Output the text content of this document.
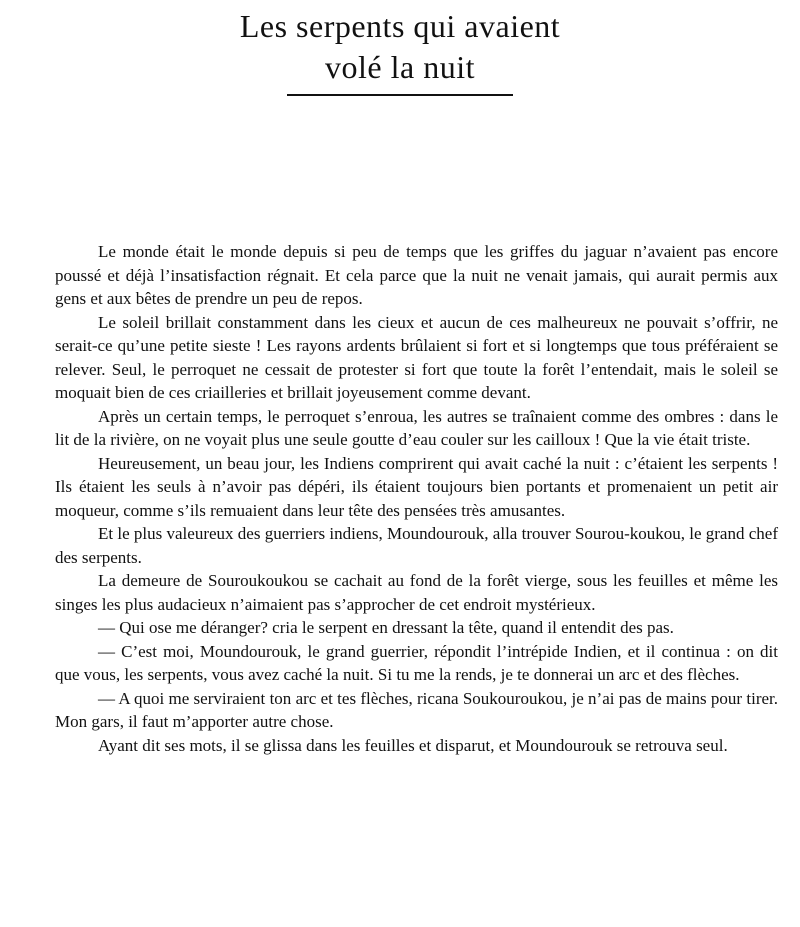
Les serpents qui avaient
volé la nuit

Le monde était le monde depuis si peu de temps que les griffes du jaguar n’avaient pas encore poussé et déjà l’insatisfaction régnait. Et cela parce que la nuit ne venait jamais, qui aurait permis aux gens et aux bêtes de prendre un peu de repos.

Le soleil brillait constamment dans les cieux et aucun de ces malheureux ne pouvait s’offrir, ne serait-ce qu’une petite sieste ! Les rayons ardents brûlaient si fort et si longtemps que tous préféraient se relever. Seul, le perroquet ne cessait de protester si fort que toute la forêt l’entendait, mais le soleil se moquait bien de ces criailleries et brillait joyeusement comme devant.

Après un certain temps, le perroquet s’enroua, les autres se traînaient comme des ombres : dans le lit de la rivière, on ne voyait plus une seule goutte d’eau couler sur les cailloux ! Que la vie était triste.

Heureusement, un beau jour, les Indiens comprirent qui avait caché la nuit : c’étaient les serpents ! Ils étaient les seuls à n’avoir pas dépéri, ils étaient toujours bien portants et promenaient un petit air moqueur, comme s’ils remuaient dans leur tête des pensées très amusantes.

Et le plus valeureux des guerriers indiens, Moundourouk, alla trouver Sourou-koukou, le grand chef des serpents.

La demeure de Souroukoukou se cachait au fond de la forêt vierge, sous les feuilles et même les singes les plus audacieux n’aimaient pas s’approcher de cet endroit mystérieux.

— Qui ose me déranger? cria le serpent en dressant la tête, quand il entendit des pas.

— C’est moi, Moundourouk, le grand guerrier, répondit l’intrépide Indien, et il continua : on dit que vous, les serpents, vous avez caché la nuit. Si tu me la rends, je te donnerai un arc et des flèches.

— A quoi me serviraient ton arc et tes flèches, ricana Soukouroukou, je n’ai pas de mains pour tirer. Mon gars, il faut m’apporter autre chose.

Ayant dit ses mots, il se glissa dans les feuilles et disparut, et Moundourouk se retrouva seul.
